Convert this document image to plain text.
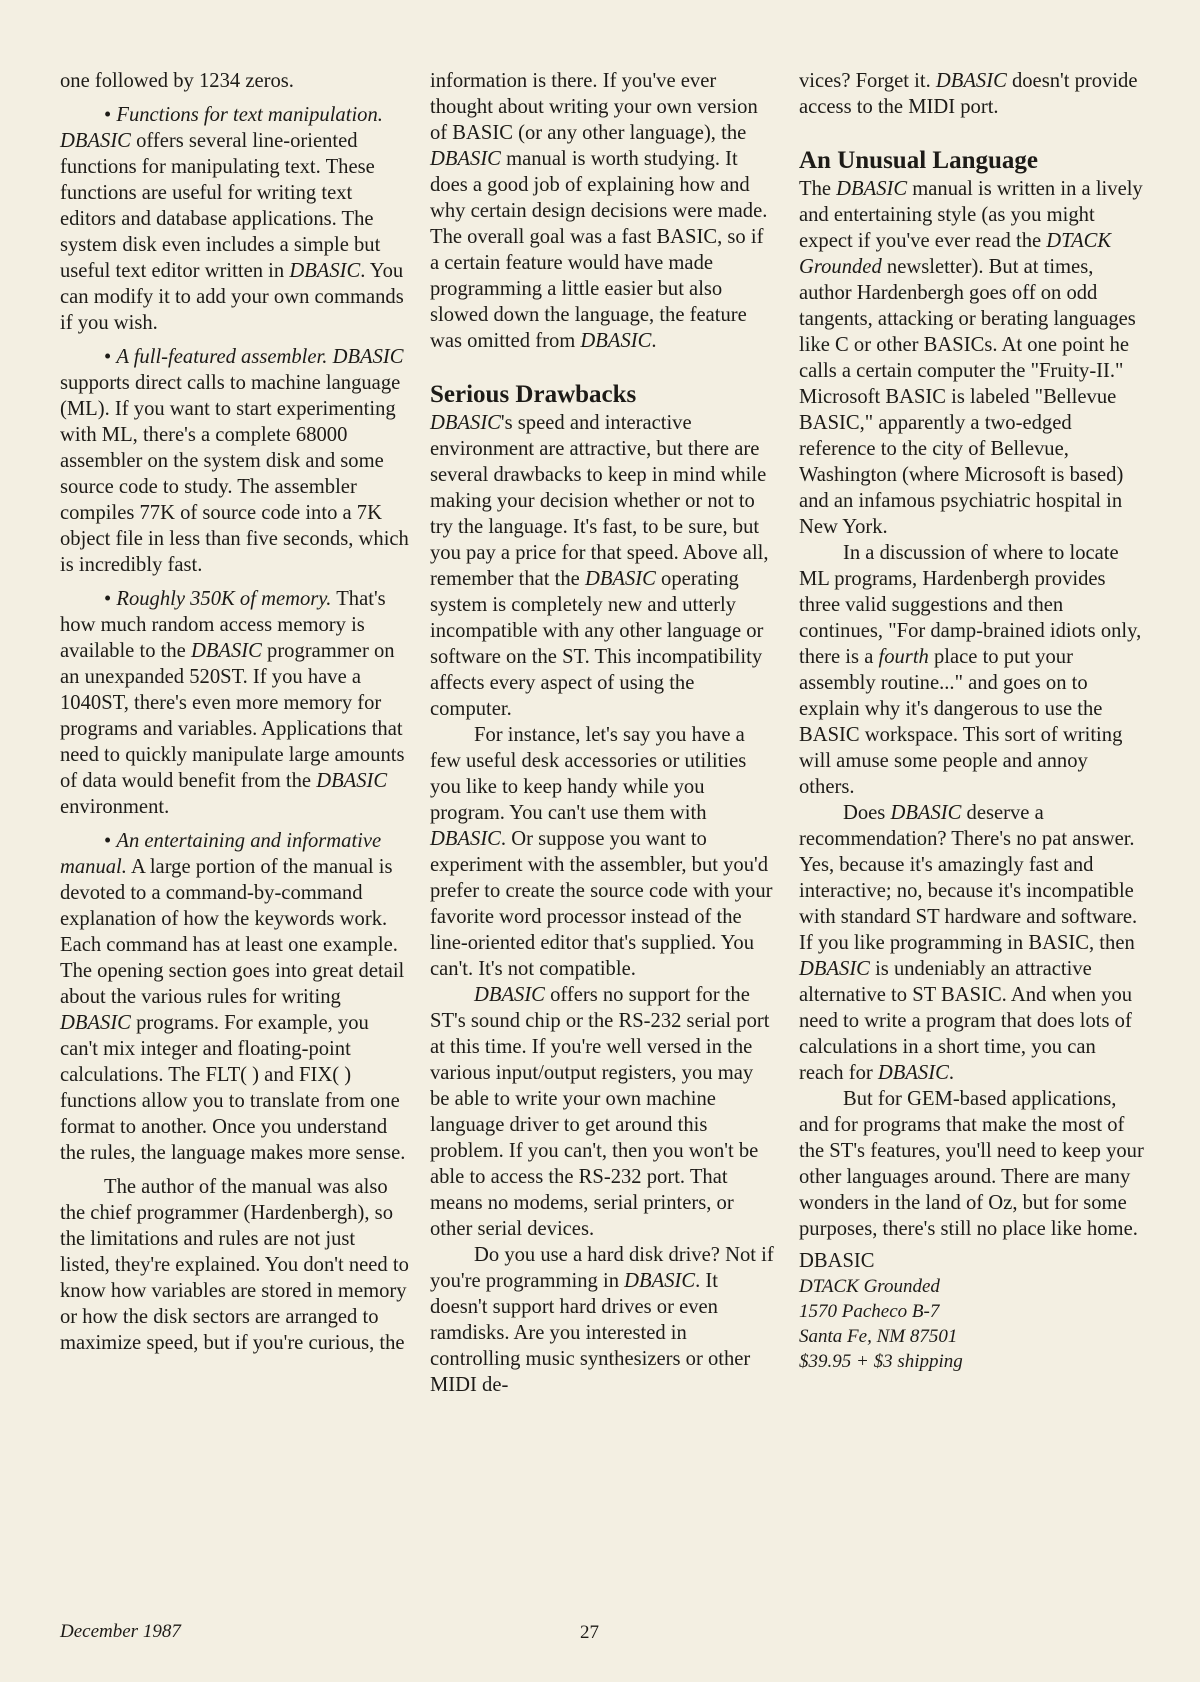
one followed by 1234 zeros.

• Functions for text manipulation. DBASIC offers several line-oriented functions for manipulating text. These functions are useful for writing text editors and database applications. The system disk even includes a simple but useful text editor written in DBASIC. You can modify it to add your own commands if you wish.

• A full-featured assembler. DBASIC supports direct calls to machine language (ML). If you want to start experimenting with ML, there's a complete 68000 assembler on the system disk and some source code to study. The assembler compiles 77K of source code into a 7K object file in less than five seconds, which is incredibly fast.

• Roughly 350K of memory. That's how much random access memory is available to the DBASIC programmer on an unexpanded 520ST. If you have a 1040ST, there's even more memory for programs and variables. Applications that need to quickly manipulate large amounts of data would benefit from the DBASIC environment.

• An entertaining and informative manual. A large portion of the manual is devoted to a command-by-command explanation of how the keywords work. Each command has at least one example. The opening section goes into great detail about the various rules for writing DBASIC programs. For example, you can't mix integer and floating-point calculations. The FLT( ) and FIX( ) functions allow you to translate from one format to another. Once you understand the rules, the language makes more sense.

The author of the manual was also the chief programmer (Hardenbergh), so the limitations and rules are not just listed, they're explained. You don't need to know how variables are stored in memory or how the disk sectors are arranged to maximize speed, but if you're curious, the

information is there. If you've ever thought about writing your own version of BASIC (or any other language), the DBASIC manual is worth studying. It does a good job of explaining how and why certain design decisions were made. The overall goal was a fast BASIC, so if a certain feature would have made programming a little easier but also slowed down the language, the feature was omitted from DBASIC.

Serious Drawbacks

DBASIC's speed and interactive environment are attractive, but there are several drawbacks to keep in mind while making your decision whether or not to try the language. It's fast, to be sure, but you pay a price for that speed. Above all, remember that the DBASIC operating system is completely new and utterly incompatible with any other language or software on the ST. This incompatibility affects every aspect of using the computer.

For instance, let's say you have a few useful desk accessories or utilities you like to keep handy while you program. You can't use them with DBASIC. Or suppose you want to experiment with the assembler, but you'd prefer to create the source code with your favorite word processor instead of the line-oriented editor that's supplied. You can't. It's not compatible.

DBASIC offers no support for the ST's sound chip or the RS-232 serial port at this time. If you're well versed in the various input/output registers, you may be able to write your own machine language driver to get around this problem. If you can't, then you won't be able to access the RS-232 port. That means no modems, serial printers, or other serial devices.

Do you use a hard disk drive? Not if you're programming in DBASIC. It doesn't support hard drives or even ramdisks. Are you interested in controlling music synthesizers or other MIDI de-

vices? Forget it. DBASIC doesn't provide access to the MIDI port.

An Unusual Language

The DBASIC manual is written in a lively and entertaining style (as you might expect if you've ever read the DTACK Grounded newsletter). But at times, author Hardenbergh goes off on odd tangents, attacking or berating languages like C or other BASICs. At one point he calls a certain computer the "Fruity-II." Microsoft BASIC is labeled "Bellevue BASIC," apparently a two-edged reference to the city of Bellevue, Washington (where Microsoft is based) and an infamous psychiatric hospital in New York.

In a discussion of where to locate ML programs, Hardenbergh provides three valid suggestions and then continues, "For damp-brained idiots only, there is a fourth place to put your assembly routine..." and goes on to explain why it's dangerous to use the BASIC workspace. This sort of writing will amuse some people and annoy others.

Does DBASIC deserve a recommendation? There's no pat answer. Yes, because it's amazingly fast and interactive; no, because it's incompatible with standard ST hardware and software. If you like programming in BASIC, then DBASIC is undeniably an attractive alternative to ST BASIC. And when you need to write a program that does lots of calculations in a short time, you can reach for DBASIC.

But for GEM-based applications, and for programs that make the most of the ST's features, you'll need to keep your other languages around. There are many wonders in the land of Oz, but for some purposes, there's still no place like home.

DBASIC

DTACK Grounded

1570 Pacheco B-7

Santa Fe, NM 87501

$39.95 + $3 shipping

December 1987	27
